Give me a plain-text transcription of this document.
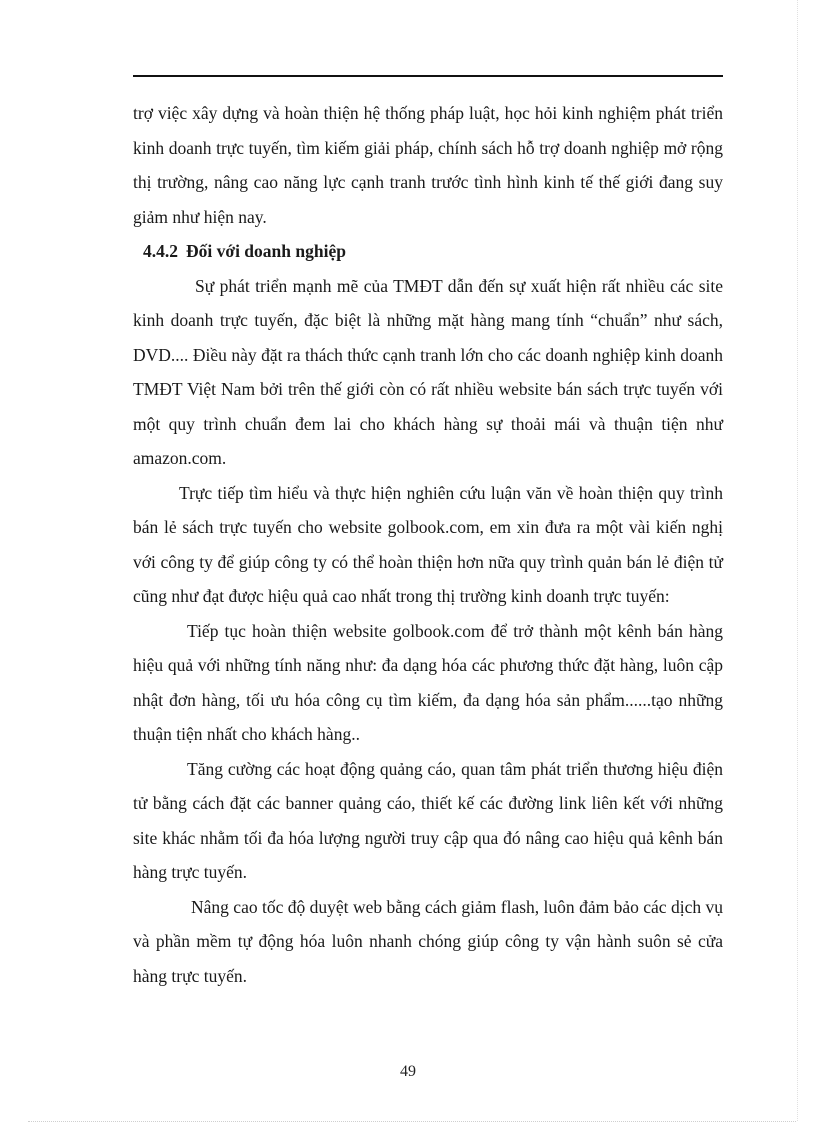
trợ việc xây dựng và hoàn thiện hệ thống pháp luật, học hỏi kinh nghiệm phát triển kinh doanh trực tuyến, tìm kiếm giải pháp, chính sách hỗ trợ doanh nghiệp mở rộng thị trường, nâng cao năng lực cạnh tranh trước tình hình kinh tế thế giới đang suy giảm như hiện nay.

4.4.2 Đối với doanh nghiệp

Sự phát triển mạnh mẽ của TMĐT dẫn đến sự xuất hiện rất nhiều các site kinh doanh trực tuyến, đặc biệt là những mặt hàng mang tính “chuẩn” như sách, DVD.... Điều này đặt ra thách thức cạnh tranh lớn cho các doanh nghiệp kinh doanh TMĐT Việt Nam bởi trên thế giới còn có rất nhiều website bán sách trực tuyến với một quy trình chuẩn đem lai cho khách hàng sự thoải mái và thuận tiện như amazon.com.

Trực tiếp tìm hiểu và thực hiện nghiên cứu luận văn về hoàn thiện quy trình bán lẻ sách trực tuyến cho website golbook.com, em xin đưa ra một vài kiến nghị với công ty để giúp công ty có thể hoàn thiện hơn nữa quy trình quản bán lẻ điện tử cũng như đạt được hiệu quả cao nhất trong thị trường kinh doanh trực tuyến:

Tiếp tục hoàn thiện website golbook.com để trở thành một kênh bán hàng hiệu quả với những tính năng như: đa dạng hóa các phương thức đặt hàng, luôn cập nhật đơn hàng, tối ưu hóa công cụ tìm kiếm, đa dạng hóa sản phẩm......tạo những thuận tiện nhất cho khách hàng..

Tăng cường các hoạt động quảng cáo, quan tâm phát triển thương hiệu điện tử bằng cách đặt các banner quảng cáo, thiết kế các đường link liên kết với những site khác nhằm tối đa hóa lượng người truy cập qua đó nâng cao hiệu quả kênh bán hàng trực tuyến.

Nâng cao tốc độ duyệt web bằng cách giảm flash, luôn đảm bảo các dịch vụ và phần mềm tự động hóa luôn nhanh chóng giúp công ty vận hành suôn sẻ cửa hàng trực tuyến.

49
